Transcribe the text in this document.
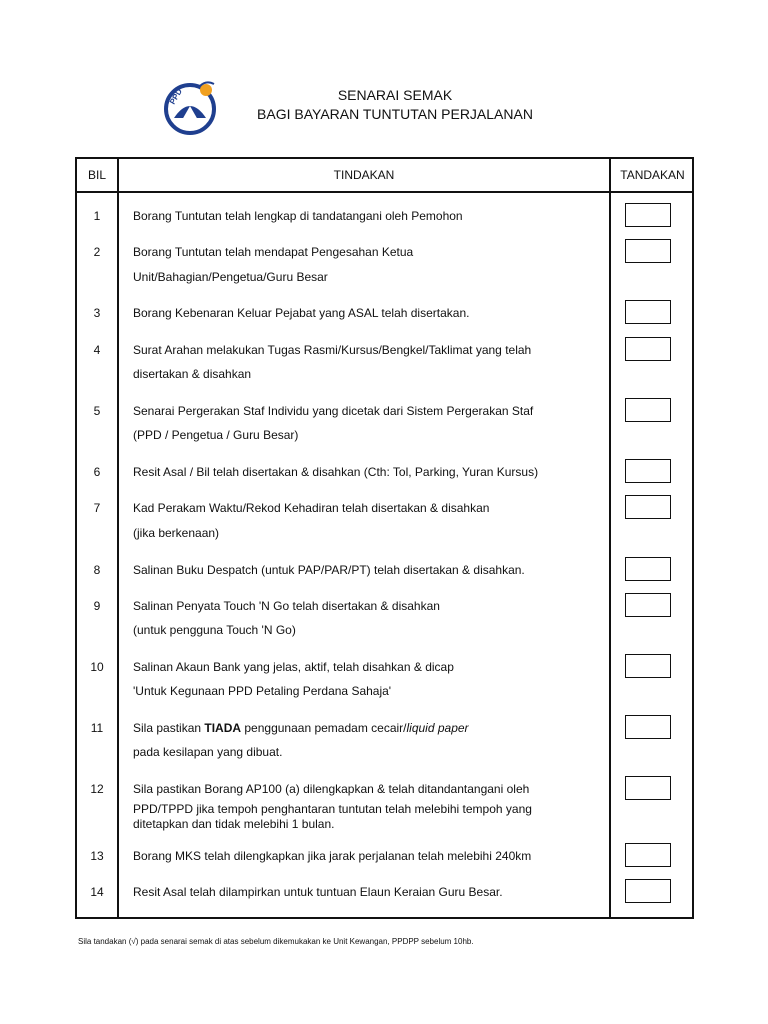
PPD	SENARAI SEMAK
BAGI BAYARAN TUNTUTAN PERJALANAN
BIL	TINDAKAN	TANDAKAN
1	Borang Tuntutan telah lengkap di tandatangani oleh Pemohon
2	Borang Tuntutan telah mendapat Pengesahan Ketua
Unit/Bahagian/Pengetua/Guru Besar
3	Borang Kebenaran Keluar Pejabat yang ASAL telah disertakan.
4	Surat Arahan melakukan Tugas Rasmi/Kursus/Bengkel/Taklimat yang telah
disertakan & disahkan
5	Senarai Pergerakan Staf Individu yang dicetak dari Sistem Pergerakan Staf
(PPD / Pengetua / Guru Besar)
6	Resit Asal / Bil telah disertakan & disahkan (Cth: Tol, Parking, Yuran Kursus)
7	Kad Perakam Waktu/Rekod Kehadiran telah disertakan & disahkan
(jika berkenaan)
8	Salinan Buku Despatch (untuk PAP/PAR/PT) telah disertakan & disahkan.
9	Salinan Penyata Touch 'N Go telah disertakan & disahkan
(untuk pengguna Touch 'N Go)
10	Salinan Akaun Bank yang jelas, aktif, telah disahkan & dicap
'Untuk Kegunaan PPD Petaling Perdana Sahaja'
11	Sila pastikan TIADA penggunaan pemadam cecair/liquid paper
pada kesilapan yang dibuat.
12	Sila pastikan Borang AP100 (a) dilengkapkan & telah ditandantangani oleh
PPD/TPPD jika tempoh penghantaran tuntutan telah melebihi tempoh yang
ditetapkan dan tidak melebihi 1 bulan.
13	Borang MKS telah dilengkapkan jika jarak perjalanan telah melebihi 240km
14	Resit Asal telah dilampirkan untuk tuntuan Elaun Keraian Guru Besar.
Sila tandakan (√) pada senarai semak di atas sebelum dikemukakan ke Unit Kewangan, PPDPP sebelum 10hb.
